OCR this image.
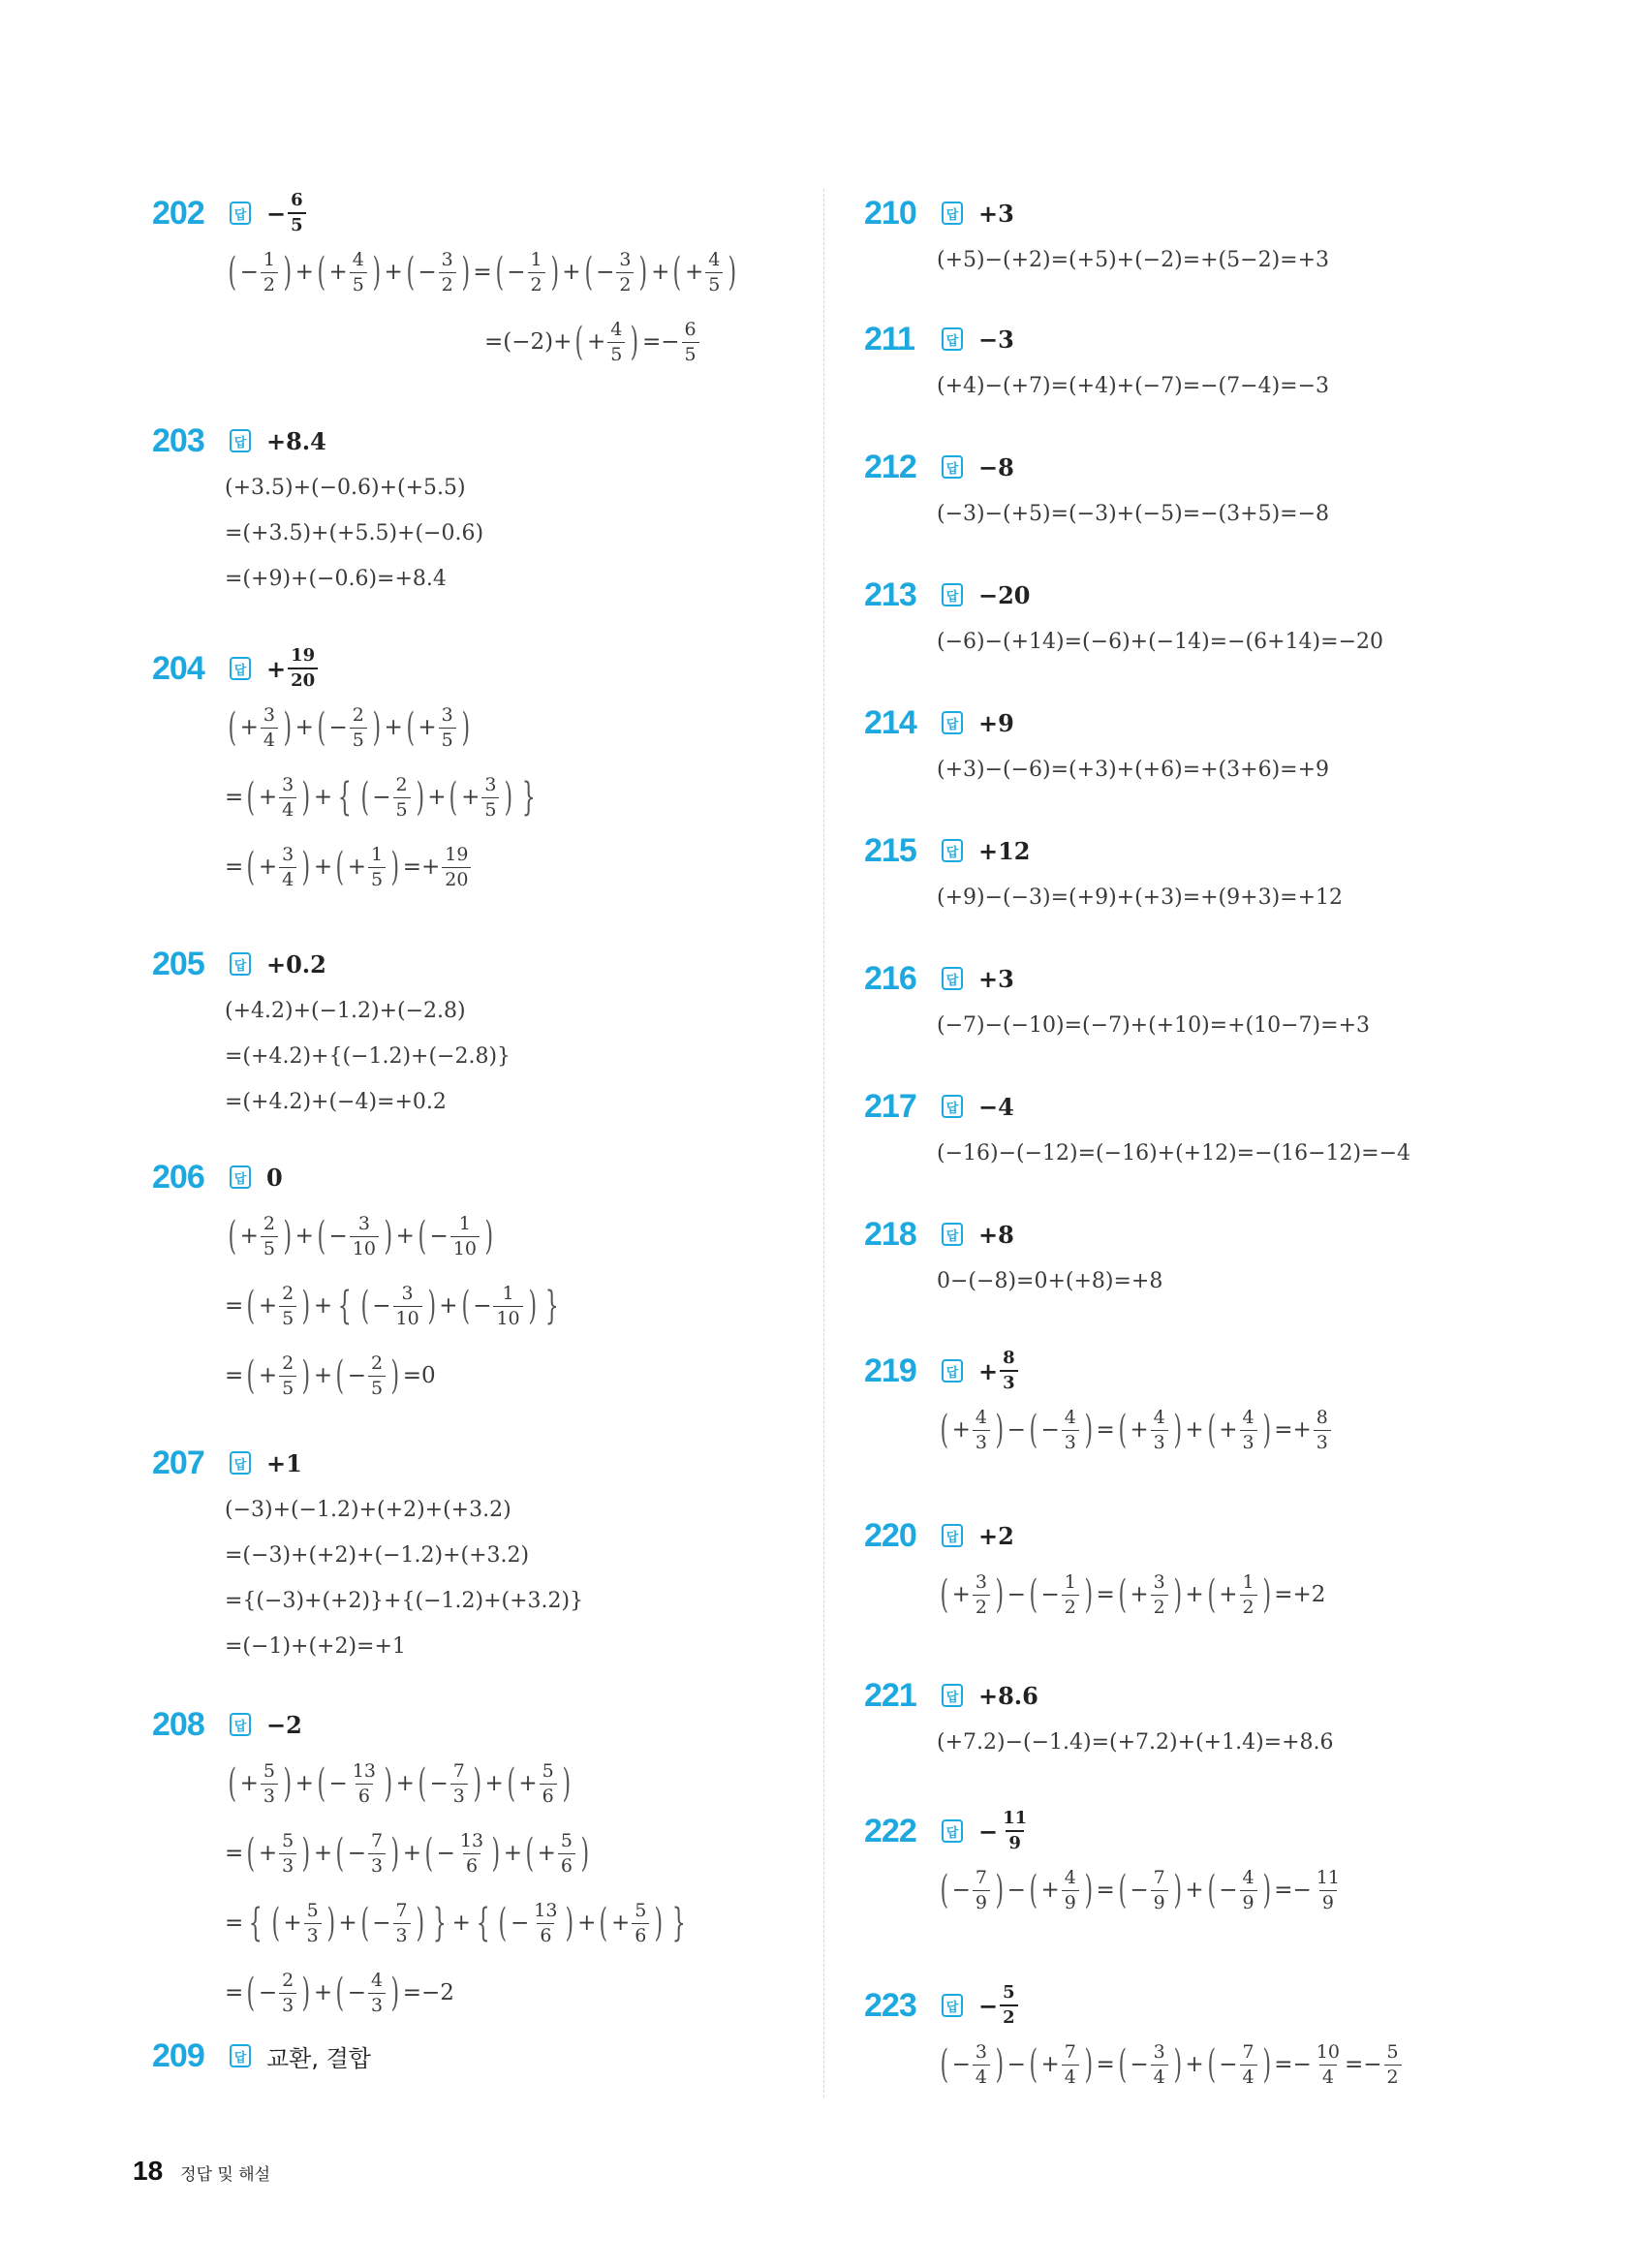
202	답 − $\frac{6}{5}$
( − $\frac{1}{2}$ ) + ( + $\frac{4}{5}$ ) + ( − $\frac{3}{2}$ ) = ( − $\frac{1}{2}$ ) + ( − $\frac{3}{2}$ ) + ( + $\frac{4}{5}$ )
=(−2)+ ( + $\frac{4}{5}$ ) =− $\frac{6}{5}$
203	답 +8.4
(+3.5)+(−0.6)+(+5.5)
=(+3.5)+(+5.5)+(−0.6)
=(+9)+(−0.6)=+8.4
204	답 + $\frac{19}{20}$
( + $\frac{3}{4}$ ) + ( − $\frac{2}{5}$ ) + ( + $\frac{3}{5}$ )
= ( + $\frac{3}{4}$ ) + { ( − $\frac{2}{5}$ ) + ( + $\frac{3}{5}$ ) }
= ( + $\frac{3}{4}$ ) + ( + $\frac{1}{5}$ ) =+ $\frac{19}{20}$
205	답 +0.2
(+4.2)+(−1.2)+(−2.8)
=(+4.2)+{(−1.2)+(−2.8)}
=(+4.2)+(−4)=+0.2
206	답 0
( + $\frac{2}{5}$ ) + ( − $\frac{3}{10}$ ) + ( − $\frac{1}{10}$ )
= ( + $\frac{2}{5}$ ) + { ( − $\frac{3}{10}$ ) + ( − $\frac{1}{10}$ ) }
= ( + $\frac{2}{5}$ ) + ( − $\frac{2}{5}$ ) =0
207	답 +1
(−3)+(−1.2)+(+2)+(+3.2)
=(−3)+(+2)+(−1.2)+(+3.2)
={(−3)+(+2)}+{(−1.2)+(+3.2)}
=(−1)+(+2)=+1
208	답 −2
( + $\frac{5}{3}$ ) + ( − $\frac{13}{6}$ ) + ( − $\frac{7}{3}$ ) + ( + $\frac{5}{6}$ )
= ( + $\frac{5}{3}$ ) + ( − $\frac{7}{3}$ ) + ( − $\frac{13}{6}$ ) + ( + $\frac{5}{6}$ )
= { ( + $\frac{5}{3}$ ) + ( − $\frac{7}{3}$ ) } + { ( − $\frac{13}{6}$ ) + ( + $\frac{5}{6}$ ) }
= ( − $\frac{2}{3}$ ) + ( − $\frac{4}{3}$ ) =−2
209	답 교환, 결합
210	답 +3
(+5)−(+2)=(+5)+(−2)=+(5−2)=+3
211	답 −3
(+4)−(+7)=(+4)+(−7)=−(7−4)=−3
212	답 −8
(−3)−(+5)=(−3)+(−5)=−(3+5)=−8
213	답 −20
(−6)−(+14)=(−6)+(−14)=−(6+14)=−20
214	답 +9
(+3)−(−6)=(+3)+(+6)=+(3+6)=+9
215	답 +12
(+9)−(−3)=(+9)+(+3)=+(9+3)=+12
216	답 +3
(−7)−(−10)=(−7)+(+10)=+(10−7)=+3
217	답 −4
(−16)−(−12)=(−16)+(+12)=−(16−12)=−4
218	답 +8
0−(−8)=0+(+8)=+8
219	답 + $\frac{8}{3}$
( + $\frac{4}{3}$ ) − ( − $\frac{4}{3}$ ) = ( + $\frac{4}{3}$ ) + ( + $\frac{4}{3}$ ) =+ $\frac{8}{3}$
220	답 +2
( + $\frac{3}{2}$ ) − ( − $\frac{1}{2}$ ) = ( + $\frac{3}{2}$ ) + ( + $\frac{1}{2}$ ) =+2
221	답 +8.6
(+7.2)−(−1.4)=(+7.2)+(+1.4)=+8.6
222	답 − $\frac{11}{9}$
( − $\frac{7}{9}$ ) − ( + $\frac{4}{9}$ ) = ( − $\frac{7}{9}$ ) + ( − $\frac{4}{9}$ ) =− $\frac{11}{9}$
223	답 − $\frac{5}{2}$
( − $\frac{3}{4}$ ) − ( + $\frac{7}{4}$ ) = ( − $\frac{3}{4}$ ) + ( − $\frac{7}{4}$ ) =− $\frac{10}{4} =- \frac{5}{2}$
18 정답 및 해설
